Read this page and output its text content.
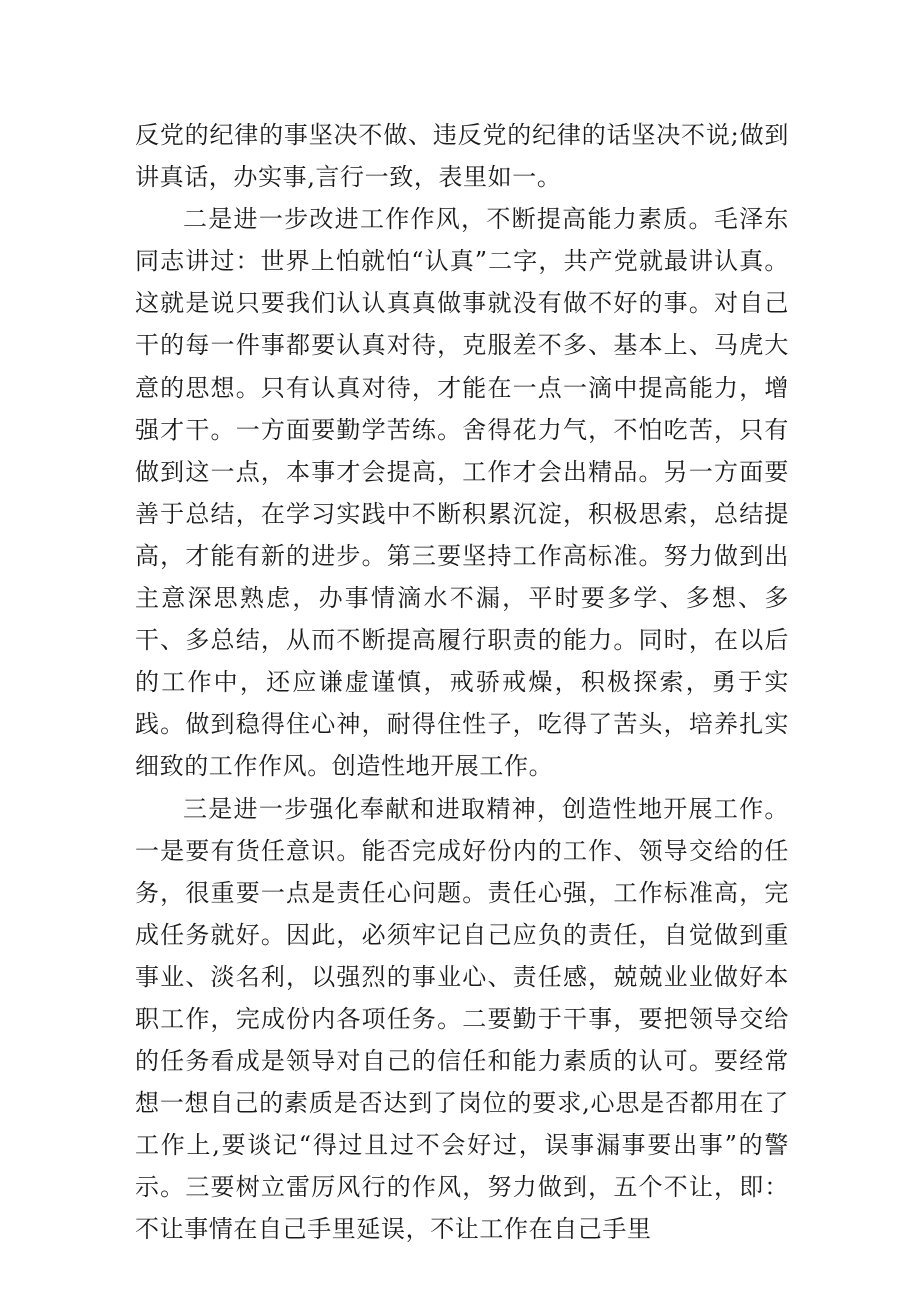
反党的纪律的事坚决不做、违反党的纪律的话坚决不说;做到讲真话，办实事,言行一致，表里如一。

二是进一步改进工作作风，不断提高能力素质。毛泽东同志讲过：世界上怕就怕“认真”二字，共产党就最讲认真。这就是说只要我们认认真真做事就没有做不好的事。对自己干的每一件事都要认真对待，克服差不多、基本上、马虎大意的思想。只有认真对待，才能在一点一滴中提高能力，增强才干。一方面要勤学苦练。舍得花力气，不怕吃苦，只有做到这一点，本事才会提高，工作才会出精品。另一方面要善于总结，在学习实践中不断积累沉淀，积极思索，总结提高，才能有新的进步。第三要坚持工作高标准。努力做到出主意深思熟虑，办事情滴水不漏，平时要多学、多想、多干、多总结，从而不断提高履行职责的能力。同时，在以后的工作中，还应谦虚谨慎，戒骄戒燥，积极探索，勇于实践。做到稳得住心神，耐得住性子，吃得了苦头，培养扎实细致的工作作风。创造性地开展工作。

三是进一步强化奉献和进取精神，创造性地开展工作。一是要有货任意识。能否完成好份内的工作、领导交给的任务，很重要一点是责任心问题。责任心强，工作标准高，完成任务就好。因此，必须牢记自己应负的责任，自觉做到重事业、淡名利，以强烈的事业心、责任感，兢兢业业做好本职工作，完成份内各项任务。二要勤于干事，要把领导交给的任务看成是领导对自己的信任和能力素质的认可。要经常想一想自己的素质是否达到了岗位的要求,心思是否都用在了工作上,要谈记“得过且过不会好过，误事漏事要出事”的警示。三要树立雷厉风行的作风，努力做到，五个不让，即：不让事情在自己手里延误，不让工作在自己手里
